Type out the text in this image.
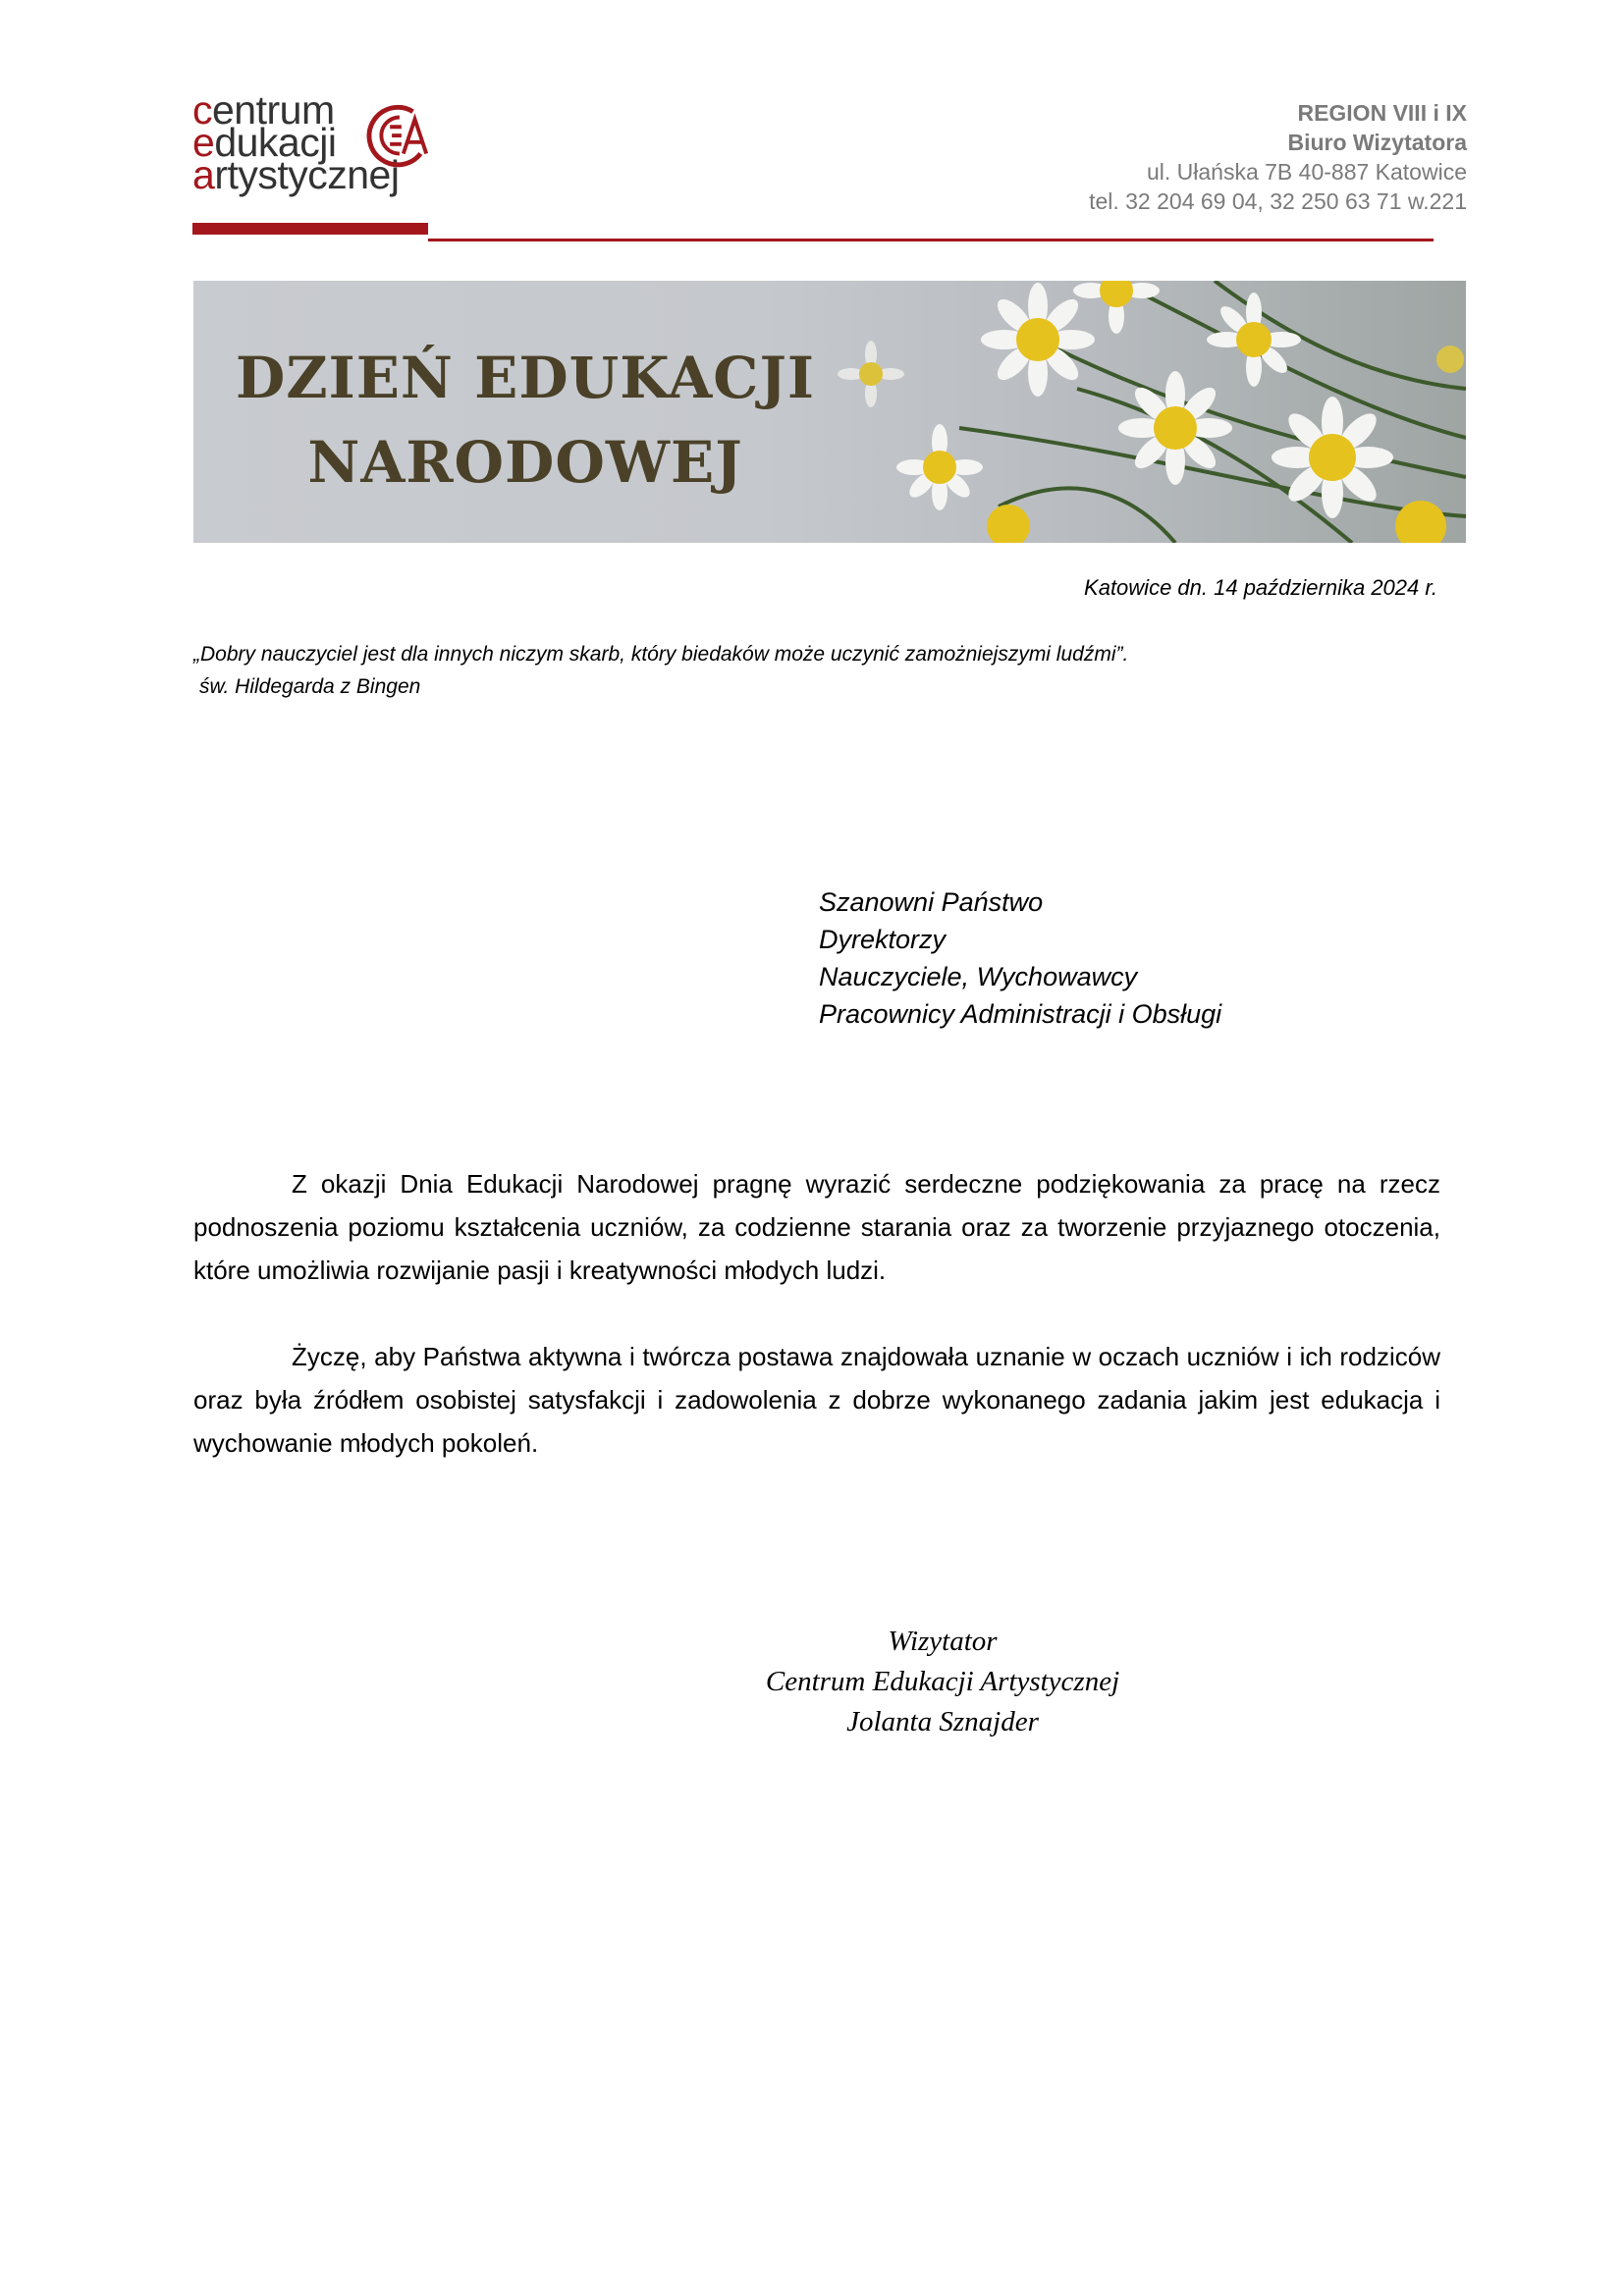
centrum
edukacji
artystycznej
REGION VIII i IX
Biuro Wizytatora
ul. Ułańska 7B 40-887 Katowice
tel. 32 204 69 04, 32 250 63 71 w.221
DZIEŃ EDUKACJI
NARODOWEJ
Katowice dn. 14 października 2024 r.
„Dobry nauczyciel jest dla innych niczym skarb, który biedaków może uczynić zamożniejszymi ludźmi”.
św. Hildegarda z Bingen
Szanowni Państwo
Dyrektorzy
Nauczyciele, Wychowawcy
Pracownicy Administracji i Obsługi

Z okazji Dnia Edukacji Narodowej pragnę wyrazić serdeczne podziękowania za pracę na rzecz podnoszenia poziomu kształcenia uczniów, za codzienne starania oraz za tworzenie przyjaznego otoczenia, które umożliwia rozwijanie pasji i kreatywności młodych ludzi.

Życzę, aby Państwa aktywna i twórcza postawa znajdowała uznanie w oczach uczniów i ich rodziców oraz była źródłem osobistej satysfakcji i zadowolenia z dobrze wykonanego zadania jakim jest edukacja i wychowanie młodych pokoleń.

Wizytator
Centrum Edukacji Artystycznej
Jolanta Sznajder
